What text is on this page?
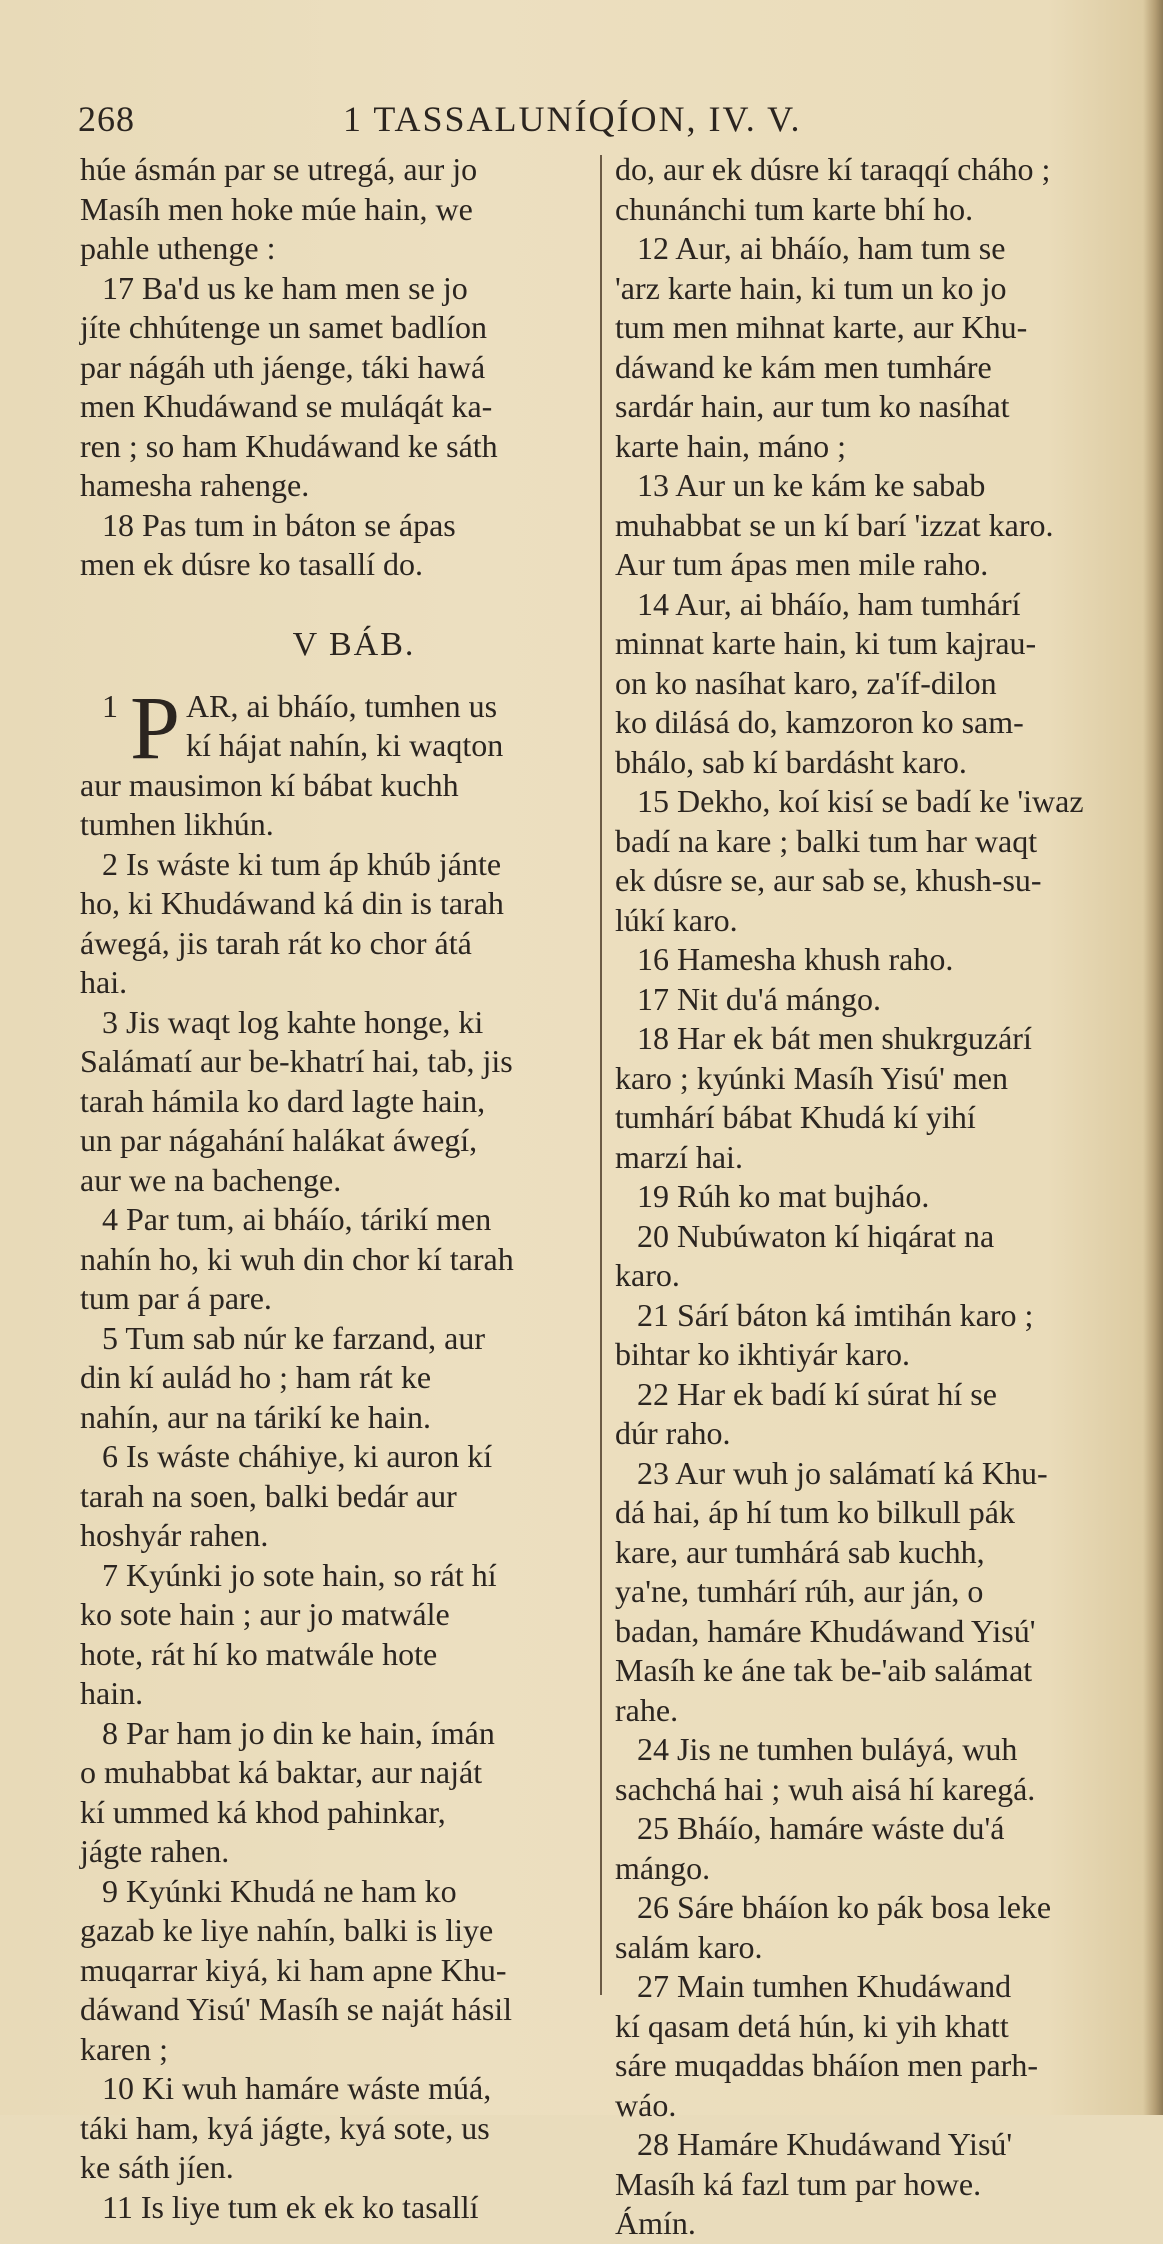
268	1 TASSALUNÍQÍON, IV. V.
húe ásmán par se utregá, aur jo
Masíh men hoke múe hain, we
pahle uthenge :
17 Ba'd us ke ham men se jo
jíte chhútenge un samet badlíon
par nágáh uth jáenge, táki hawá
men Khudáwand se muláqát ka-
ren ; so ham Khudáwand ke sáth
hamesha rahenge.
18 Pas tum in báton se ápas
men ek dúsre ko tasallí do.
V BÁB.
1 P AR, ai bháío, tumhen us
kí hájat nahín, ki waqton
aur mausimon kí bábat kuchh
tumhen likhún.
2 Is wáste ki tum áp khúb jánte
ho, ki Khudáwand ká din is tarah
áwegá, jis tarah rát ko chor átá
hai.
3 Jis waqt log kahte honge, ki
Salámatí aur be-khatrí hai, tab, jis
tarah hámila ko dard lagte hain,
un par nágahání halákat áwegí,
aur we na bachenge.
4 Par tum, ai bháío, tárikí men
nahín ho, ki wuh din chor kí tarah
tum par á pare.
5 Tum sab núr ke farzand, aur
din kí aulád ho ; ham rát ke
nahín, aur na tárikí ke hain.
6 Is wáste cháhiye, ki auron kí
tarah na soen, balki bedár aur
hoshyár rahen.
7 Kyúnki jo sote hain, so rát hí
ko sote hain ; aur jo matwále
hote, rát hí ko matwále hote
hain.
8 Par ham jo din ke hain, ímán
o muhabbat ká baktar, aur naját
kí ummed ká khod pahinkar,
jágte rahen.
9 Kyúnki Khudá ne ham ko
gazab ke liye nahín, balki is liye
muqarrar kiyá, ki ham apne Khu-
dáwand Yisú' Masíh se naját hásil
karen ;
10 Ki wuh hamáre wáste múá,
táki ham, kyá jágte, kyá sote, us
ke sáth jíen.
11 Is liye tum ek ek ko tasallí
do, aur ek dúsre kí taraqqí cháho ;
chunánchi tum karte bhí ho.
12 Aur, ai bháío, ham tum se
'arz karte hain, ki tum un ko jo
tum men mihnat karte, aur Khu-
dáwand ke kám men tumháre
sardár hain, aur tum ko nasíhat
karte hain, máno ;
13 Aur un ke kám ke sabab
muhabbat se un kí barí 'izzat karo.
Aur tum ápas men mile raho.
14 Aur, ai bháío, ham tumhárí
minnat karte hain, ki tum kajrau-
on ko nasíhat karo, za'íf-dilon
ko dilásá do, kamzoron ko sam-
bhálo, sab kí bardásht karo.
15 Dekho, koí kisí se badí ke 'iwaz
badí na kare ; balki tum har waqt
ek dúsre se, aur sab se, khush-su-
lúkí karo.
16 Hamesha khush raho.
17 Nit du'á mángo.
18 Har ek bát men shukrguzárí
karo ; kyúnki Masíh Yisú' men
tumhárí bábat Khudá kí yihí
marzí hai.
19 Rúh ko mat bujháo.
20 Nubúwaton kí hiqárat na
karo.
21 Sárí báton ká imtihán karo ;
bihtar ko ikhtiyár karo.
22 Har ek badí kí súrat hí se
dúr raho.
23 Aur wuh jo salámatí ká Khu-
dá hai, áp hí tum ko bilkull pák
kare, aur tumhárá sab kuchh,
ya'ne, tumhárí rúh, aur ján, o
badan, hamáre Khudáwand Yisú'
Masíh ke áne tak be-'aib salámat
rahe.
24 Jis ne tumhen buláyá, wuh
sachchá hai ; wuh aisá hí karegá.
25 Bháío, hamáre wáste du'á
mángo.
26 Sáre bháíon ko pák bosa leke
salám karo.
27 Main tumhen Khudáwand
kí qasam detá hún, ki yih khatt
sáre muqaddas bháíon men parh-
wáo.
28 Hamáre Khudáwand Yisú'
Masíh ká fazl tum par howe.
Ámín.
